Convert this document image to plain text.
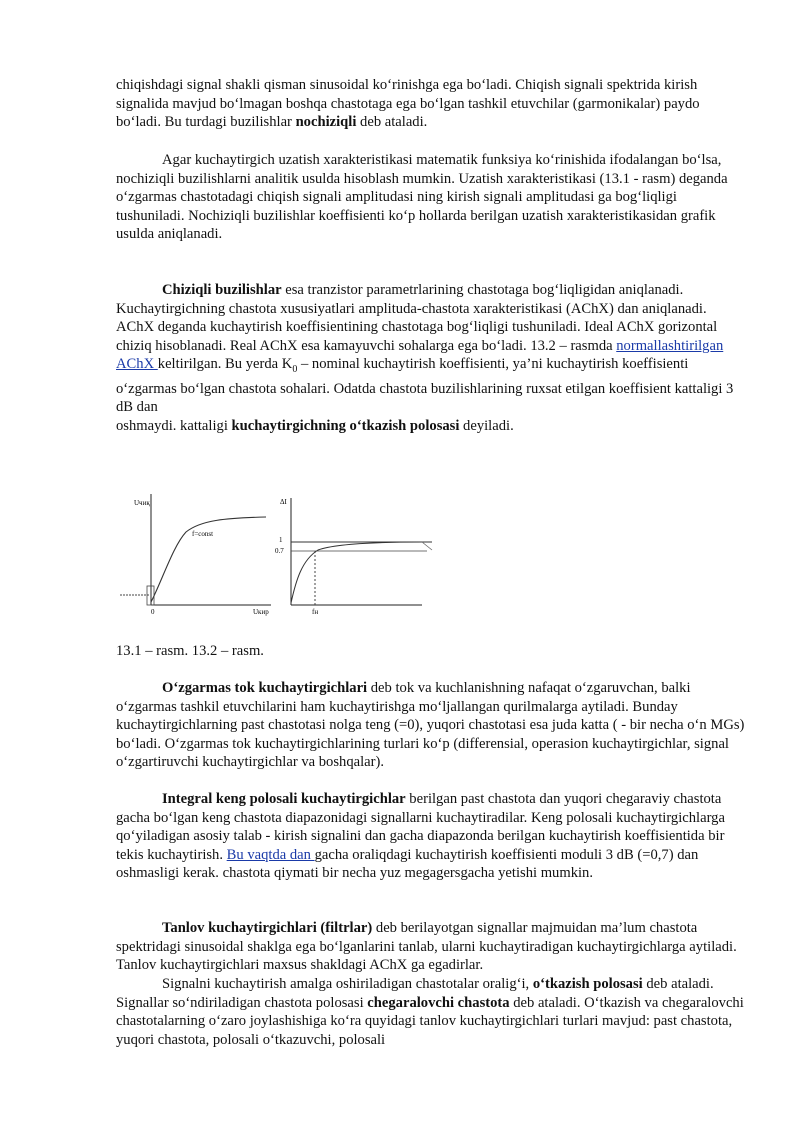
chiqishdagi signal shakli qisman sinusoidal ko‘rinishga ega bo‘ladi. Chiqish signali spektrida kirish signalida mavjud bo‘lmagan boshqa chastotaga ega bo‘lgan tashkil etuvchilar (garmonikalar) paydo bo‘ladi. Bu turdagi buzilishlar nochiziqli deb ataladi.

Agar kuchaytirgich uzatish xarakteristikasi matematik funksiya ko‘rinishida ifodalangan bo‘lsa, nochiziqli buzilishlarni analitik usulda hisoblash mumkin. Uzatish xarakteristikasi (13.1 - rasm) deganda o‘zgarmas chastotadagi chiqish signali amplitudasi ning kirish signali amplitudasi ga bog‘liqligi tushuniladi. Nochiziqli buzilishlar koeffisienti ko‘p hollarda berilgan uzatish xarakteristikasidan grafik usulda aniqlanadi.

Chiziqli buzilishlar esa tranzistor parametrlarining chastotaga bog‘liqligidan aniqlanadi. Kuchaytirgichning chastota xususiyatlari amplituda-chastota xarakteristikasi (AChX) dan aniqlanadi. AChX deganda kuchaytirish koeffisientining chastotaga bog‘liqligi tushuniladi. Ideal AChX gorizontal chiziq hisoblanadi. Real AChX esa kamayuvchi sohalarga ega bo‘ladi. 13.2 – rasmda normallashtirilgan AChX keltirilgan. Bu yerda $K_0$ – nominal kuchaytirish koeffisienti, ya’ni kuchaytirish koeffisienti o‘zgarmas bo‘lgan chastota sohalari. Odatda chastota buzilishlarining ruxsat etilgan koeffisient kattaligi 3 dB dan
oshmaydi. kattaligi kuchaytirgichning o‘tkazish polosasi deyiladi.

Uчиқ
f=const
0	Uкир
ΔΙ
1
0.7
fн

13.1 – rasm. 13.2 – rasm.

O‘zgarmas tok kuchaytirgichlari deb tok va kuchlanishning nafaqat o‘zgaruvchan, balki o‘zgarmas tashkil etuvchilarini ham kuchaytirishga mo‘ljallangan qurilmalarga aytiladi. Bunday kuchaytirgichlarning past chastotasi nolga teng (=0), yuqori chastotasi esa juda katta ( - bir necha o‘n MGs) bo‘ladi. O‘zgarmas tok kuchaytirgichlarining turlari ko‘p (differensial, operasion kuchaytirgichlar, signal o‘zgartiruvchi kuchaytirgichlar va boshqalar).

Integral keng polosali kuchaytirgichlar berilgan past chastota dan yuqori chegaraviy chastota gacha bo‘lgan keng chastota diapazonidagi signallarni kuchaytiradilar. Keng polosali kuchaytirgichlarga qo‘yiladigan asosiy talab - kirish signalini dan gacha diapazonda berilgan kuchaytirish koeffisientida bir tekis kuchaytirish. Bu vaqtda dan gacha oraliqdagi kuchaytirish koeffisienti moduli 3 dB (=0,7) dan oshmasligi kerak. chastota qiymati bir necha yuz megagersgacha yetishi mumkin.

Tanlov kuchaytirgichlari (filtrlar) deb berilayotgan signallar majmuidan ma’lum chastota spektridagi sinusoidal shaklga ega bo‘lganlarini tanlab, ularni kuchaytiradigan kuchaytirgichlarga aytiladi. Tanlov kuchaytirgichlari maxsus shakldagi AChX ga egadirlar.

Signalni kuchaytirish amalga oshiriladigan chastotalar oralig‘i, o‘tkazish polosasi deb ataladi. Signallar so‘ndiriladigan chastota polosasi chegaralovchi chastota deb ataladi. O‘tkazish va chegaralovchi chastotalarning o‘zaro joylashishiga ko‘ra quyidagi tanlov kuchaytirgichlari turlari mavjud: past chastota, yuqori chastota, polosali o‘tkazuvchi, polosali
